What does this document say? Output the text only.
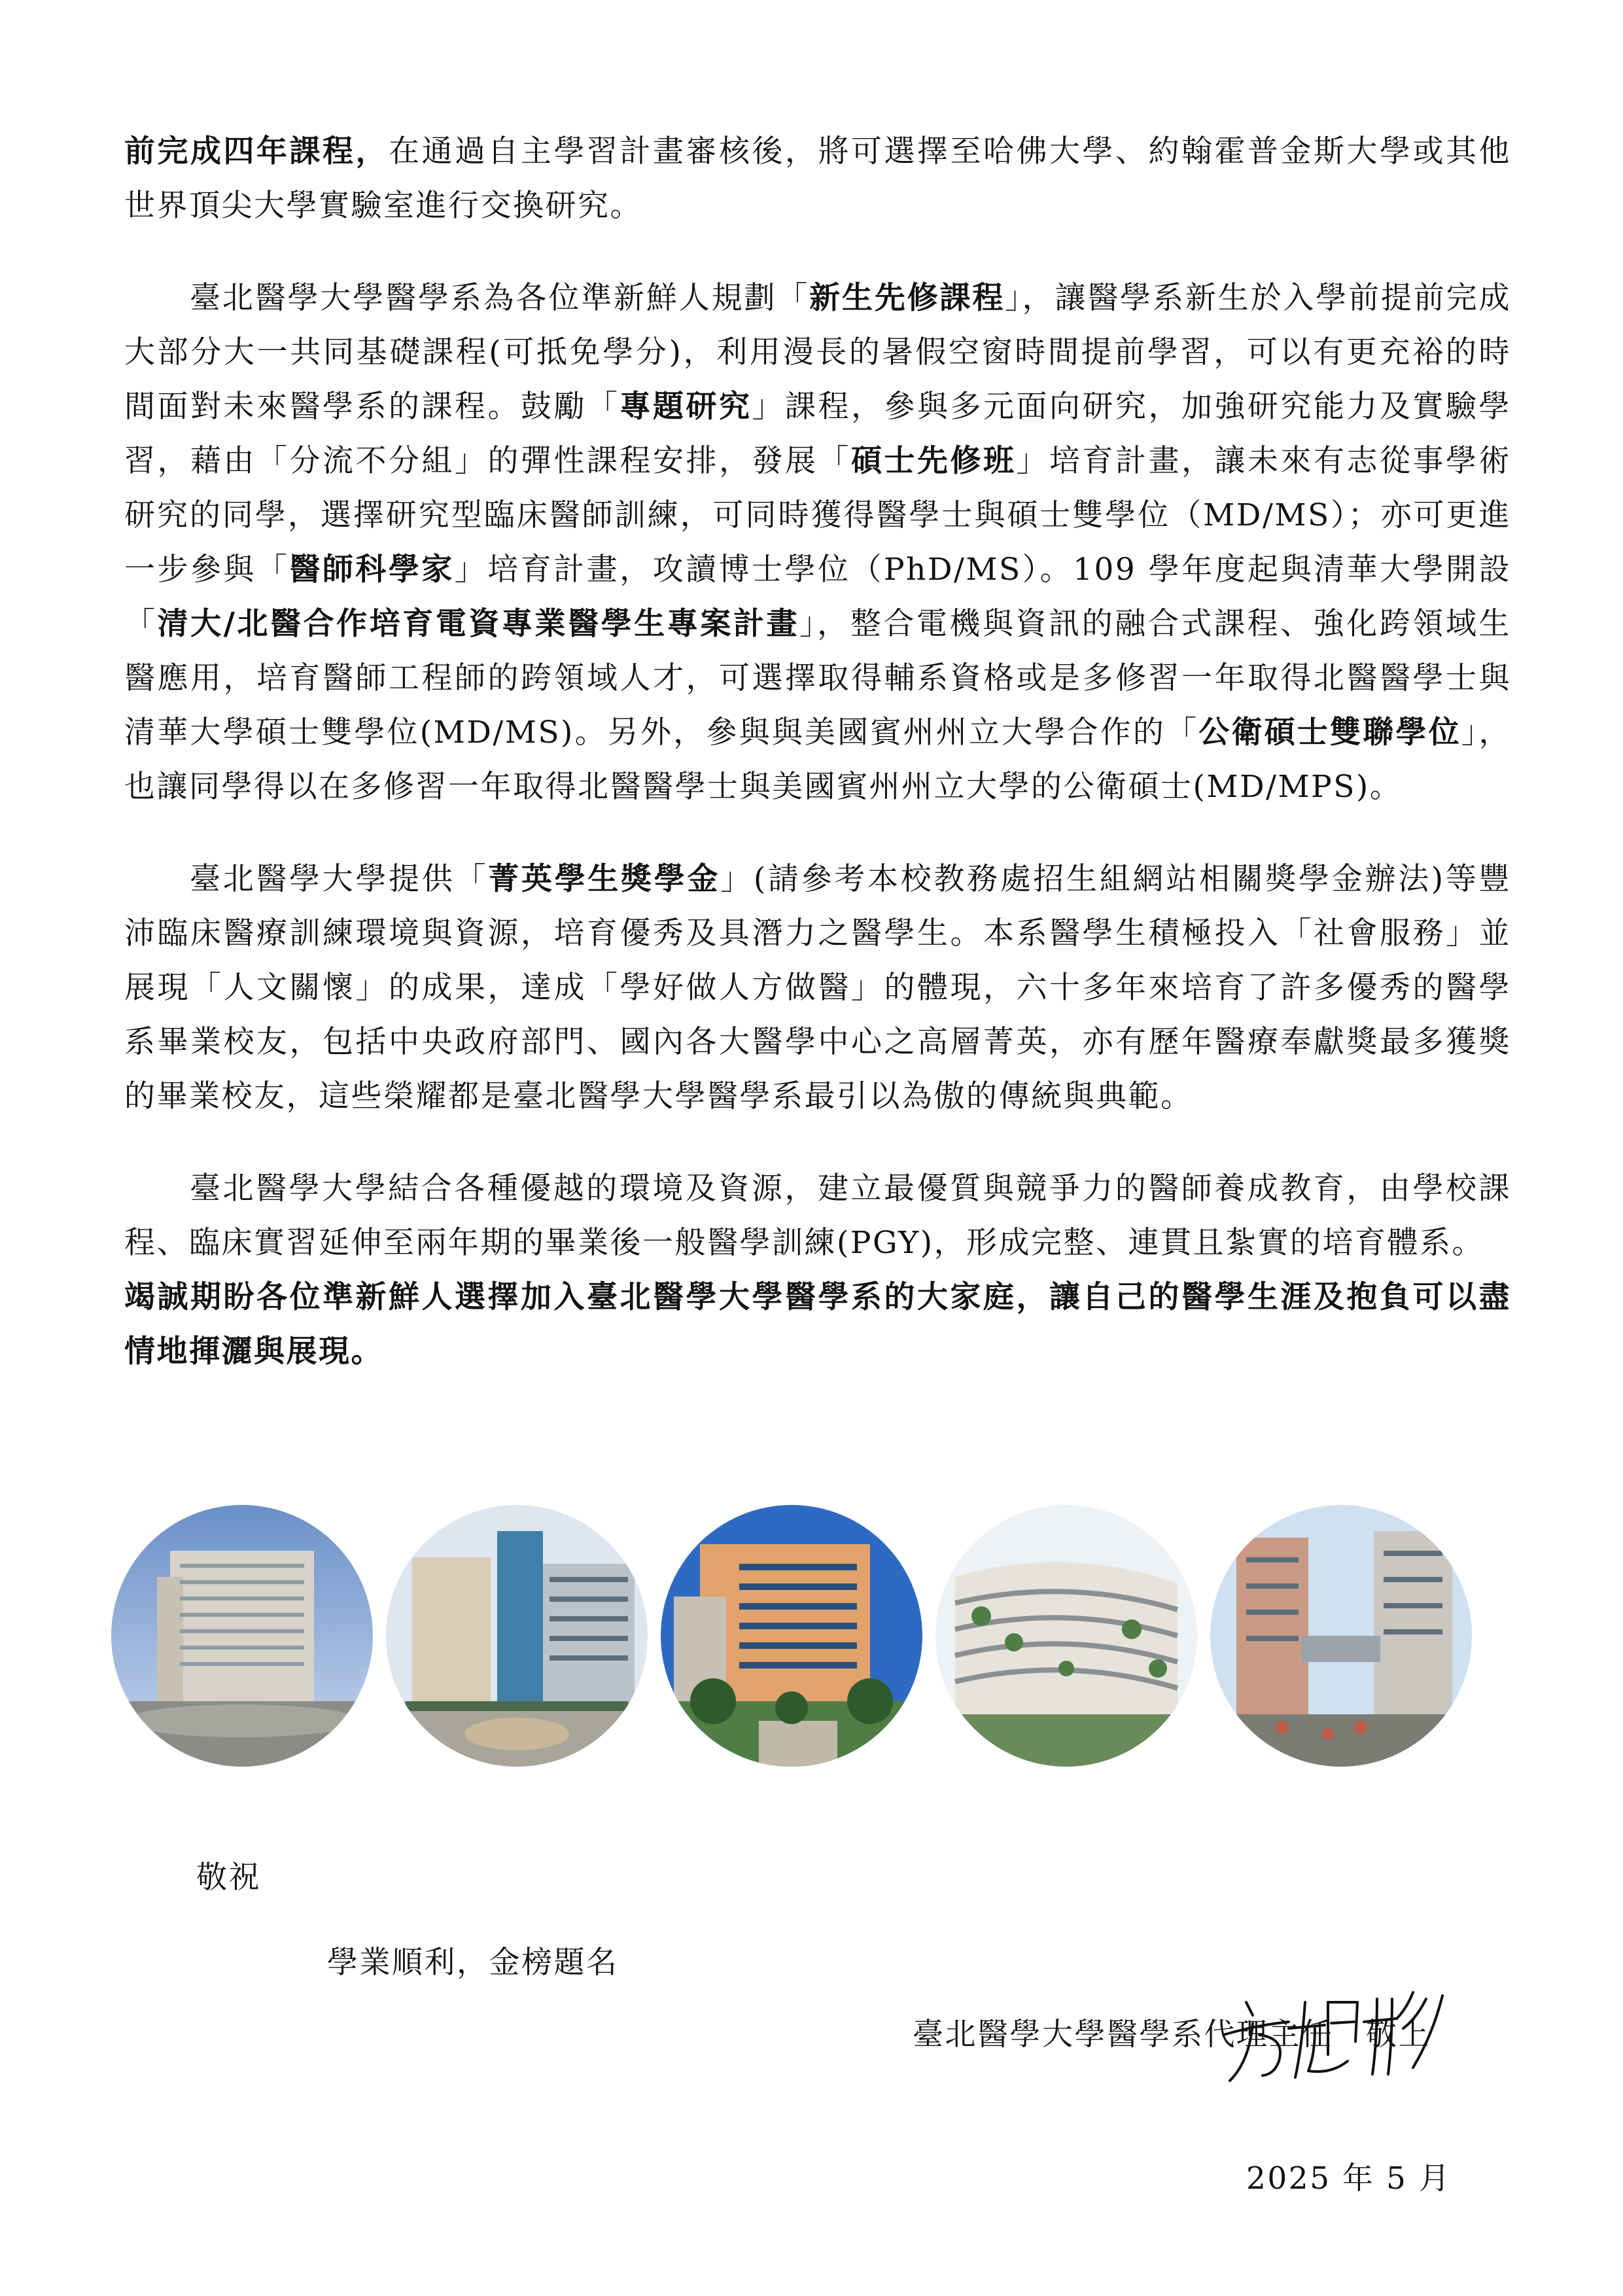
前完成四年課程，在通過自主學習計畫審核後，將可選擇至哈佛大學、約翰霍普金斯大學或其他世界頂尖大學實驗室進行交換研究。

臺北醫學大學醫學系為各位準新鮮人規劃「新生先修課程」，讓醫學系新生於入學前提前完成大部分大一共同基礎課程(可抵免學分)，利用漫長的暑假空窗時間提前學習，可以有更充裕的時間面對未來醫學系的課程。鼓勵「專題研究」課程，參與多元面向研究，加強研究能力及實驗學習，藉由「分流不分組」的彈性課程安排，發展「碩士先修班」培育計畫，讓未來有志從事學術研究的同學，選擇研究型臨床醫師訓練，可同時獲得醫學士與碩士雙學位（MD/MS）；亦可更進一步參與「醫師科學家」培育計畫，攻讀博士學位（PhD/MS）。109 學年度起與清華大學開設「清大/北醫合作培育電資專業醫學生專案計畫」，整合電機與資訊的融合式課程、強化跨領域生醫應用，培育醫師工程師的跨領域人才，可選擇取得輔系資格或是多修習一年取得北醫醫學士與清華大學碩士雙學位(MD/MS)。另外，參與與美國賓州州立大學合作的「公衛碩士雙聯學位」，也讓同學得以在多修習一年取得北醫醫學士與美國賓州州立大學的公衛碩士(MD/MPS)。

臺北醫學大學提供「菁英學生獎學金」(請參考本校教務處招生組網站相關獎學金辦法)等豐沛臨床醫療訓練環境與資源，培育優秀及具潛力之醫學生。本系醫學生積極投入「社會服務」並展現「人文關懷」的成果，達成「學好做人方做醫」的體現，六十多年來培育了許多優秀的醫學系畢業校友，包括中央政府部門、國內各大醫學中心之高層菁英，亦有歷年醫療奉獻獎最多獲獎的畢業校友，這些榮耀都是臺北醫學大學醫學系最引以為傲的傳統與典範。

臺北醫學大學結合各種優越的環境及資源，建立最優質與競爭力的醫師養成教育，由學校課程、臨床實習延伸至兩年期的畢業後一般醫學訓練(PGY)，形成完整、連貫且紮實的培育體系。

竭誠期盼各位準新鮮人選擇加入臺北醫學大學醫學系的大家庭，讓自己的醫學生涯及抱負可以盡情地揮灑與展現。

敬祝
學業順利，金榜題名
臺北醫學大學醫學系代理主任　敬上
2025 年 5 月
